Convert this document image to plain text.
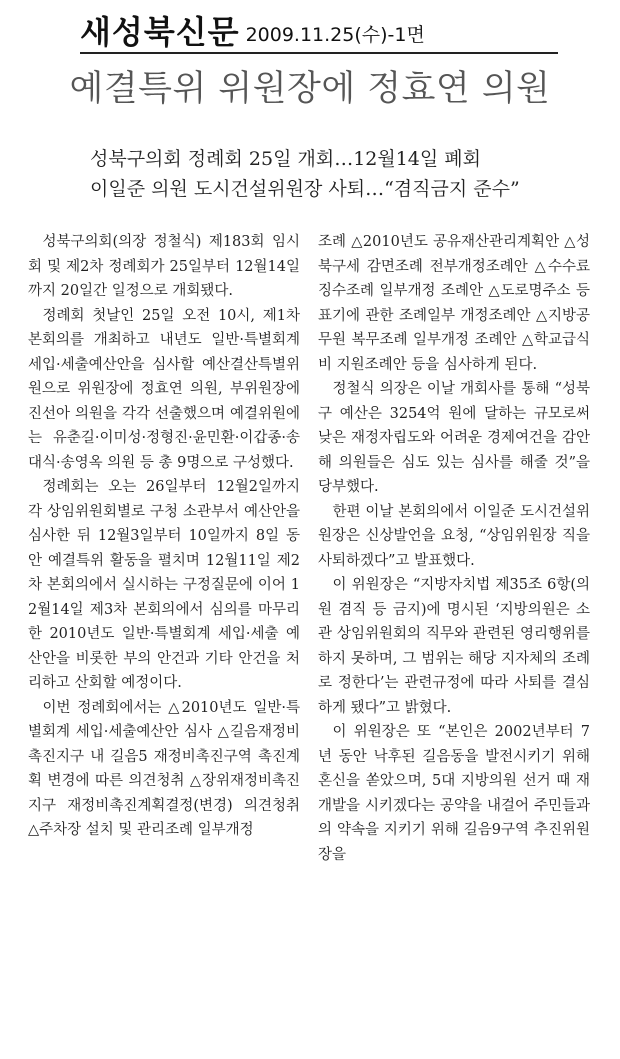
새성북신문 2009.11.25(수)-1면
예결특위 위원장에 정효연 의원
성북구의회 정례회 25일 개회…12월14일 폐회
이일준 의원 도시건설위원장 사퇴…“겸직금지 준수”

성북구의회(의장 정철식) 제183회 임시회 및 제2차 정례회가 25일부터 12월14일까지 20일간 일정으로 개회됐다.

정례회 첫날인 25일 오전 10시, 제1차 본회의를 개최하고 내년도 일반·특별회계 세입·세출예산안을 심사할 예산결산특별위원으로 위원장에 정효연 의원, 부위원장에 진선아 의원을 각각 선출했으며 예결위원에는 유춘길·이미성·정형진·윤민환·이갑종·송대식·송영옥 의원 등 총 9명으로 구성했다.

정례회는 오는 26일부터 12월2일까지 각 상임위원회별로 구청 소관부서 예산안을 심사한 뒤 12월3일부터 10일까지 8일 동안 예결특위 활동을 펼치며 12월11일 제2차 본회의에서 실시하는 구정질문에 이어 12월14일 제3차 본회의에서 심의를 마무리한 2010년도 일반·특별회계 세입·세출 예산안을 비롯한 부의 안건과 기타 안건을 처리하고 산회할 예정이다.

이번 정례회에서는 △2010년도 일반·특별회계 세입·세출예산안 심사 △길음재정비촉진지구 내 길음5 재정비촉진구역 촉진계획 변경에 따른 의견청취 △장위재정비촉진지구 재정비촉진계획결정(변경) 의견청취 △주차장 설치 및 관리조례 일부개정

조례 △2010년도 공유재산관리계획안 △성북구세 감면조례 전부개정조례안 △수수료 징수조례 일부개정 조례안 △도로명주소 등 표기에 관한 조례일부 개정조례안 △지방공무원 복무조례 일부개정 조례안 △학교급식비 지원조례안 등을 심사하게 된다.

정철식 의장은 이날 개회사를 통해 “성북구 예산은 3254억 원에 달하는 규모로써 낮은 재정자립도와 어려운 경제여건을 감안해 의원들은 심도 있는 심사를 해줄 것”을 당부했다.

한편 이날 본회의에서 이일준 도시건설위원장은 신상발언을 요청, “상임위원장 직을 사퇴하겠다”고 발표했다.

이 위원장은 “지방자치법 제35조 6항(의원 겸직 등 금지)에 명시된 ‘지방의원은 소관 상임위원회의 직무와 관련된 영리행위를 하지 못하며, 그 범위는 해당 지자체의 조례로 정한다’는 관련규정에 따라 사퇴를 결심하게 됐다”고 밝혔다.

이 위원장은 또 “본인은 2002년부터 7년 동안 낙후된 길음동을 발전시키기 위해 혼신을 쏟았으며, 5대 지방의원 선거 때 재개발을 시키겠다는 공약을 내걸어 주민들과의 약속을 지키기 위해 길음9구역 추진위원장을
